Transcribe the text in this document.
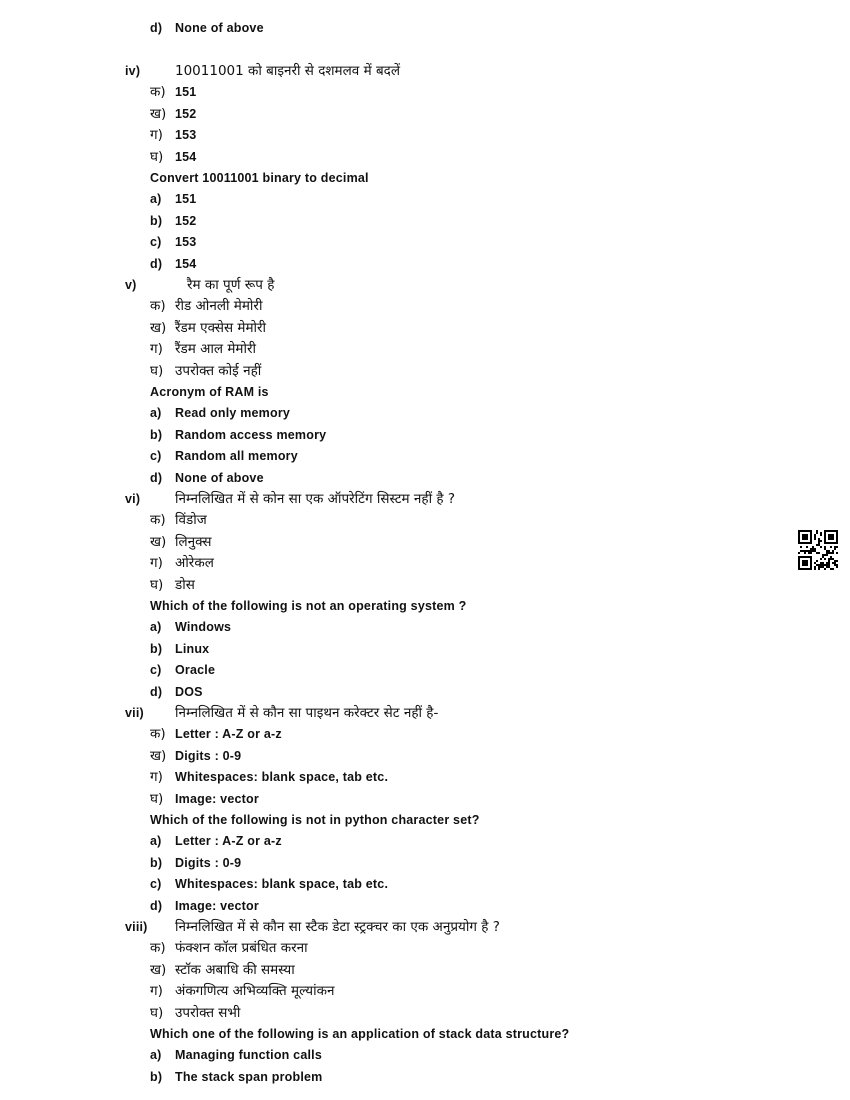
d) None of above
iv)	10011001 को बाइनरी से दशमलव में बदलें
क) 151
ख) 152
ग) 153
घ) 154
Convert 10011001 binary to decimal
a) 151
b) 152
c) 153
d) 154
v)	रैम का पूर्ण रूप है
क) रीड ओनली मेमोरी
ख) रैंडम एक्सेस मेमोरी
ग) रैंडम आल मेमोरी
घ) उपरोक्त कोई नहीं
Acronym of RAM is
a) Read only memory
b) Random access memory
c) Random all memory
d) None of above
vi)	निम्नलिखित में से कोन सा एक ऑपरेटिंग सिस्टम नहीं है ?
क) विंडोज
ख) लिनुक्स
ग) ओरेकल
घ) डोस
Which of the following is not an operating system ?
a) Windows
b) Linux
c) Oracle
d) DOS
vii) निम्नलिखित में से कौन सा पाइथन करेक्टर सेट नहीं है-
क) Letter : A-Z or a-z
ख) Digits : 0-9
ग) Whitespaces: blank space, tab etc.
घ) Image: vector
Which of the following is not in python character set?
a) Letter : A-Z or a-z
b) Digits : 0-9
c) Whitespaces: blank space, tab etc.
d) Image: vector
viii) निम्नलिखित में से कौन सा स्टैक डेटा स्ट्रक्चर का एक अनुप्रयोग है ?
क) फंक्शन कॉल प्रबंधित करना
ख) स्टॉक अबाधि की समस्या
ग) अंकगणित्य अभिव्यक्ति मूल्यांकन
घ) उपरोक्त सभी
Which one of the following is an application of stack data structure?
a) Managing function calls
b) The stack span problem
